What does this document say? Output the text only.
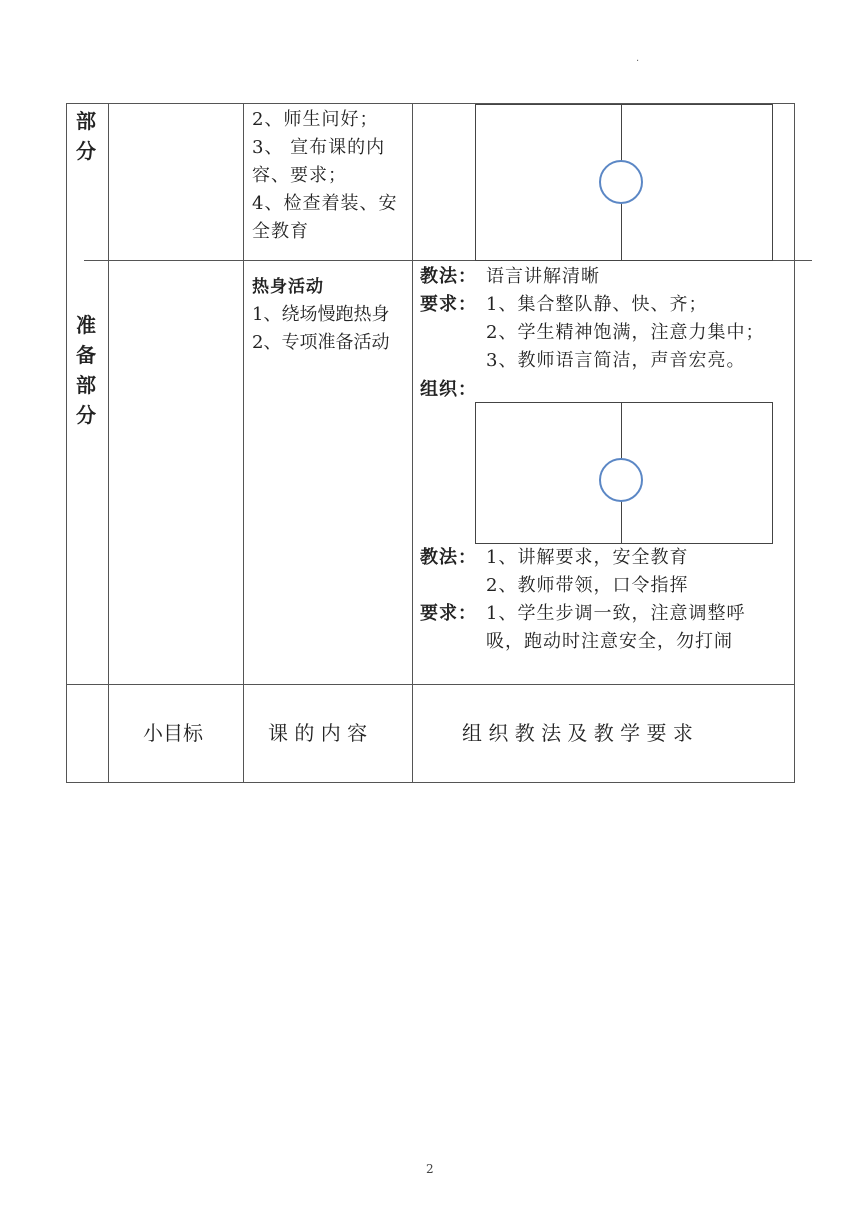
·
部
分
2、师生问好；
3、 宣布课的内
容、要求；
4、检查着装、安
全教育
准
备
部
分
热身活动
1、绕场慢跑热身
2、专项准备活动
教法： 语言讲解清晰
要求： 1、集合整队静、快、齐；
2、学生精神饱满，注意力集中；
3、教师语言简洁，声音宏亮。
组织：
教法： 1、讲解要求，安全教育
2、教师带领，口令指挥
要求： 1、学生步调一致，注意调整呼
吸，跑动时注意安全，勿打闹
小目标	课 的 内 容	组 织 教 法 及 教 学 要 求
2
